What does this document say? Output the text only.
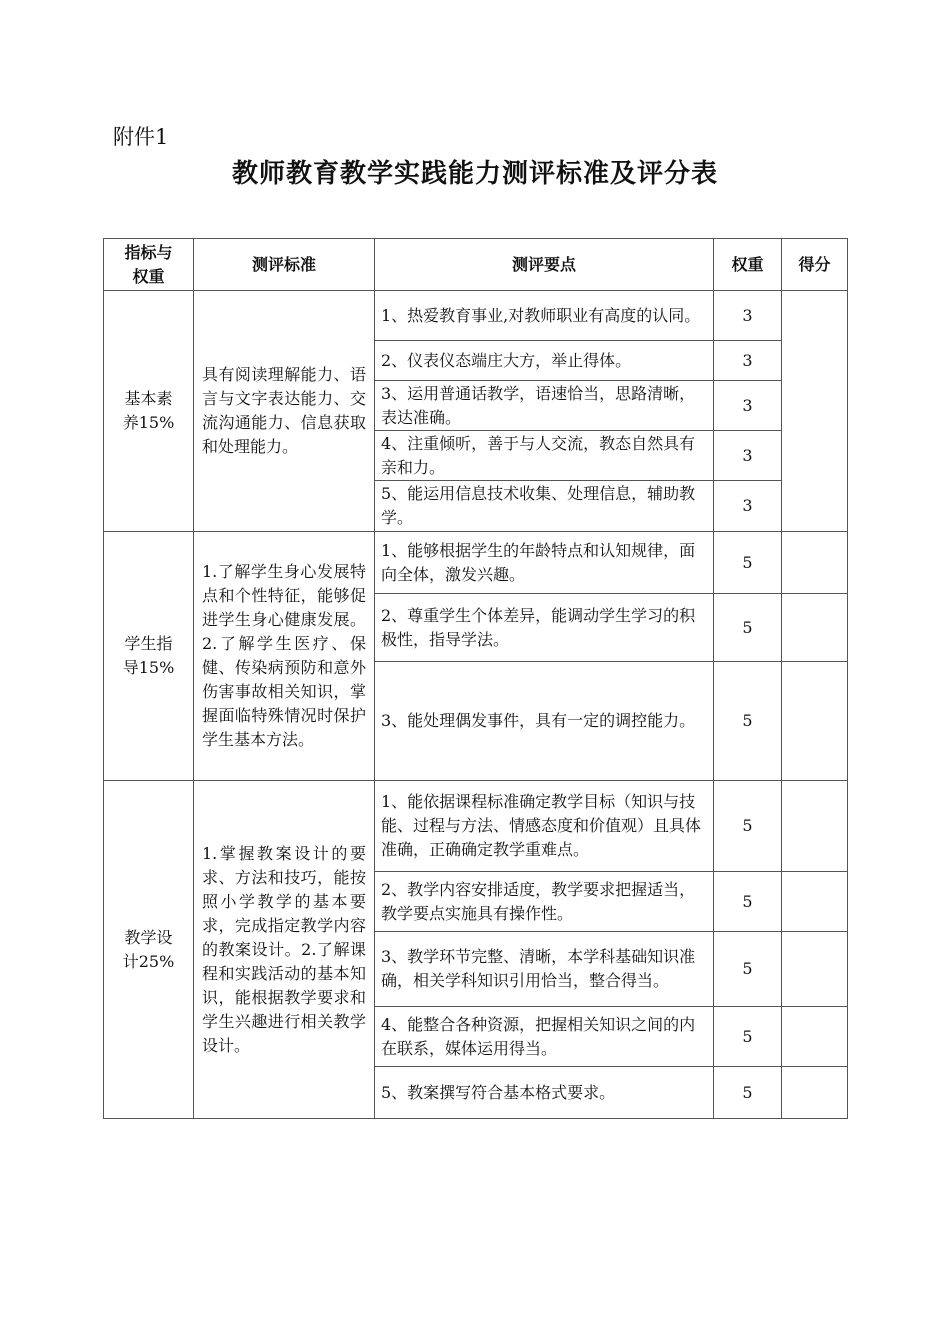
附件1
教师教育教学实践能力测评标准及评分表
指标与权重	测评标准	测评要点	权重	得分

基本素养15%	具有阅读理解能力、语言与文字表达能力、交流沟通能力、信息获取和处理能力。	1、热爱教育事业,对教师职业有高度的认同。	3	
		2、仪表仪态端庄大方，举止得体。	3	
		3、运用普通话教学，语速恰当，思路清晰，表达准确。	3	
		4、注重倾听，善于与人交流，教态自然具有亲和力。	3	
		5、能运用信息技术收集、处理信息，辅助教学。	3	

学生指导15%	1.了解学生身心发展特点和个性特征，能够促进学生身心健康发展。2.了解学生医疗、保健、传染病预防和意外伤害事故相关知识，掌握面临特殊情况时保护学生基本方法。	1、能够根据学生的年龄特点和认知规律，面向全体，激发兴趣。	5	
		2、尊重学生个体差异，能调动学生学习的积极性，指导学法。	5	
		3、能处理偶发事件，具有一定的调控能力。	5	

教学设计25%	1.掌握教案设计的要求、方法和技巧，能按照小学教学的基本要求，完成指定教学内容的教案设计。2.了解课程和实践活动的基本知识，能根据教学要求和学生兴趣进行相关教学设计。	1、能依据课程标准确定教学目标（知识与技能、过程与方法、情感态度和价值观）且具体准确，正确确定教学重难点。	5	
		2、教学内容安排适度，教学要求把握适当，教学要点实施具有操作性。	5	
		3、教学环节完整、清晰，本学科基础知识准确，相关学科知识引用恰当，整合得当。	5	
		4、能整合各种资源，把握相关知识之间的内在联系，媒体运用得当。	5	
		5、教案撰写符合基本格式要求。	5	
